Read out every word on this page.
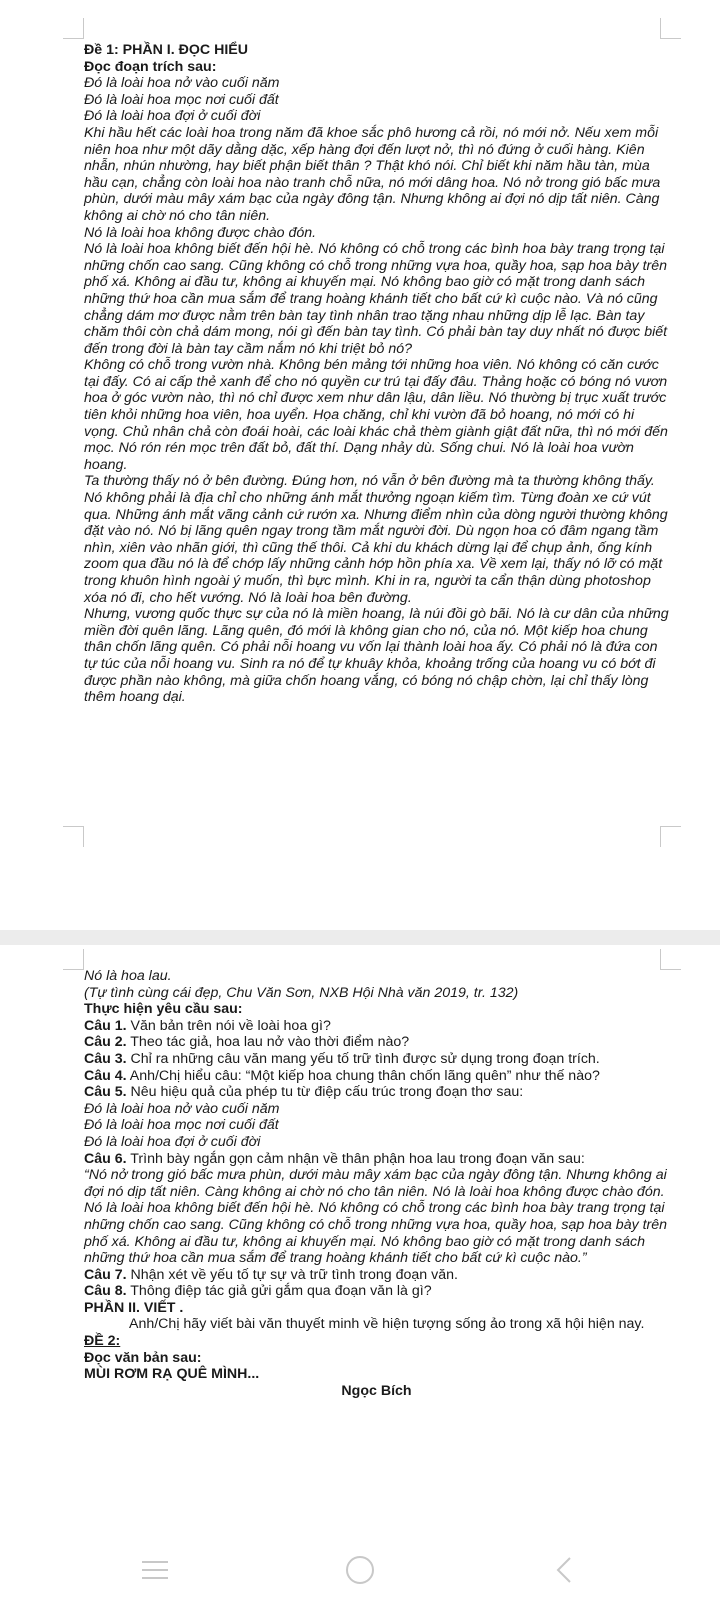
Đề 1: PHẦN I. ĐỌC HIỂU
Đọc đoạn trích sau:
Đó là loài hoa nở vào cuối năm
Đó là loài hoa mọc nơi cuối đất
Đó là loài hoa đợi ở cuối đời
Khi hầu hết các loài hoa trong năm đã khoe sắc phô hương cả rồi, nó mới nở. Nếu xem mỗi niên hoa như một dãy dằng dặc, xếp hàng đợi đến lượt nở, thì nó đứng ở cuối hàng. Kiên nhẫn, nhún nhường, hay biết phận biết thân ? Thật khó nói. Chỉ biết khi năm hầu tàn, mùa hầu cạn, chẳng còn loài hoa nào tranh chỗ nữa, nó mới dâng hoa. Nó nở trong gió bấc mưa phùn, dưới màu mây xám bạc của ngày đông tận. Nhưng không ai đợi nó dịp tất niên. Càng không ai chờ nó cho tân niên.
Nó là loài hoa không được chào đón.
Nó là loài hoa không biết đến hội hè. Nó không có chỗ trong các bình hoa bày trang trọng tại những chốn cao sang. Cũng không có chỗ trong những vựa hoa, quầy hoa, sạp hoa bày trên phố xá. Không ai đầu tư, không ai khuyến mại. Nó không bao giờ có mặt trong danh sách những thứ hoa cần mua sắm để trang hoàng khánh tiết cho bất cứ kì cuộc nào. Và nó cũng chẳng dám mơ được nằm trên bàn tay tình nhân trao tặng nhau những dịp lễ lạc. Bàn tay chăm thôi còn chả dám mong, nói gì đến bàn tay tình. Có phải bàn tay duy nhất nó được biết đến trong đời là bàn tay cầm nắm nó khi triệt bỏ nó?
Không có chỗ trong vườn nhà. Không bén mảng tới những hoa viên. Nó không có căn cước tại đấy. Có ai cấp thẻ xanh để cho nó quyền cư trú tại đấy đâu. Thảng hoặc có bóng nó vươn hoa ở góc vườn nào, thì nó chỉ được xem như dân lậu, dân liều. Nó thường bị trục xuất trước tiên khỏi những hoa viên, hoa uyển. Họa chăng, chỉ khi vườn đã bỏ hoang, nó mới có hi vọng. Chủ nhân chả còn đoái hoài, các loài khác chả thèm giành giật đất nữa, thì nó mới đến mọc. Nó rón rén mọc trên đất bỏ, đất thí. Dạng nhảy dù. Sống chui. Nó là loài hoa vườn hoang.
Ta thường thấy nó ở bên đường. Đúng hơn, nó vẫn ở bên đường mà ta thường không thấy. Nó không phải là địa chỉ cho những ánh mắt thưởng ngoạn kiếm tìm. Từng đoàn xe cứ vút qua. Những ánh mắt vãng cảnh cứ rướn xa. Nhưng điểm nhìn của dòng người thường không đặt vào nó. Nó bị lãng quên ngay trong tầm mắt người đời. Dù ngọn hoa có đâm ngang tầm nhìn, xiên vào nhãn giới, thì cũng thế thôi. Cả khi du khách dừng lại để chụp ảnh, ống kính zoom qua đầu nó là để chớp lấy những cảnh hớp hồn phía xa. Về xem lại, thấy nó lỡ có mặt trong khuôn hình ngoài ý muốn, thì bực mình. Khi in ra, người ta cẩn thận dùng photoshop xóa nó đi, cho hết vướng. Nó là loài hoa bên đường.
Nhưng, vương quốc thực sự của nó là miền hoang, là núi đồi gò bãi. Nó là cư dân của những miền đời quên lãng. Lãng quên, đó mới là không gian cho nó, của nó. Một kiếp hoa chung thân chốn lãng quên. Có phải nỗi hoang vu vốn lại thành loài hoa ấy. Có phải nó là đứa con tự túc của nỗi hoang vu. Sinh ra nó để tự khuây khỏa, khoảng trống của hoang vu có bớt đi được phần nào không, mà giữa chốn hoang vắng, có bóng nó chập chờn, lại chỉ thấy lòng thêm hoang dại.
Nó là hoa lau.
(Tự tình cùng cái đẹp, Chu Văn Sơn, NXB Hội Nhà văn 2019, tr. 132)
Thực hiện yêu cầu sau:
Câu 1. Văn bản trên nói về loài hoa gì?
Câu 2. Theo tác giả, hoa lau nở vào thời điểm nào?
Câu 3. Chỉ ra những câu văn mang yếu tố trữ tình được sử dụng trong đoạn trích.
Câu 4. Anh/Chị hiểu câu: “Một kiếp hoa chung thân chốn lãng quên” như thế nào?
Câu 5. Nêu hiệu quả của phép tu từ điệp cấu trúc trong đoạn thơ sau:
Đó là loài hoa nở vào cuối năm
Đó là loài hoa mọc nơi cuối đất
Đó là loài hoa đợi ở cuối đời
Câu 6. Trình bày ngắn gọn cảm nhận về thân phận hoa lau trong đoạn văn sau:
“Nó nở trong gió bấc mưa phùn, dưới màu mây xám bạc của ngày đông tận. Nhưng không ai đợi nó dịp tất niên. Càng không ai chờ nó cho tân niên. Nó là loài hoa không được chào đón. Nó là loài hoa không biết đến hội hè. Nó không có chỗ trong các bình hoa bày trang trọng tại những chốn cao sang. Cũng không có chỗ trong những vựa hoa, quầy hoa, sạp hoa bày trên phố xá. Không ai đầu tư, không ai khuyến mại. Nó không bao giờ có mặt trong danh sách những thứ hoa cần mua sắm để trang hoàng khánh tiết cho bất cứ kì cuộc nào.”
Câu 7. Nhận xét về yếu tố tự sự và trữ tình trong đoạn văn.
Câu 8. Thông điệp tác giả gửi gắm qua đoạn văn là gì?
PHẦN II. VIẾT .
Anh/Chị hãy viết bài văn thuyết minh về hiện tượng sống ảo trong xã hội hiện nay.
ĐỀ 2:
Đọc văn bản sau:
MÙI RƠM RẠ QUÊ MÌNH...
Ngọc Bích
